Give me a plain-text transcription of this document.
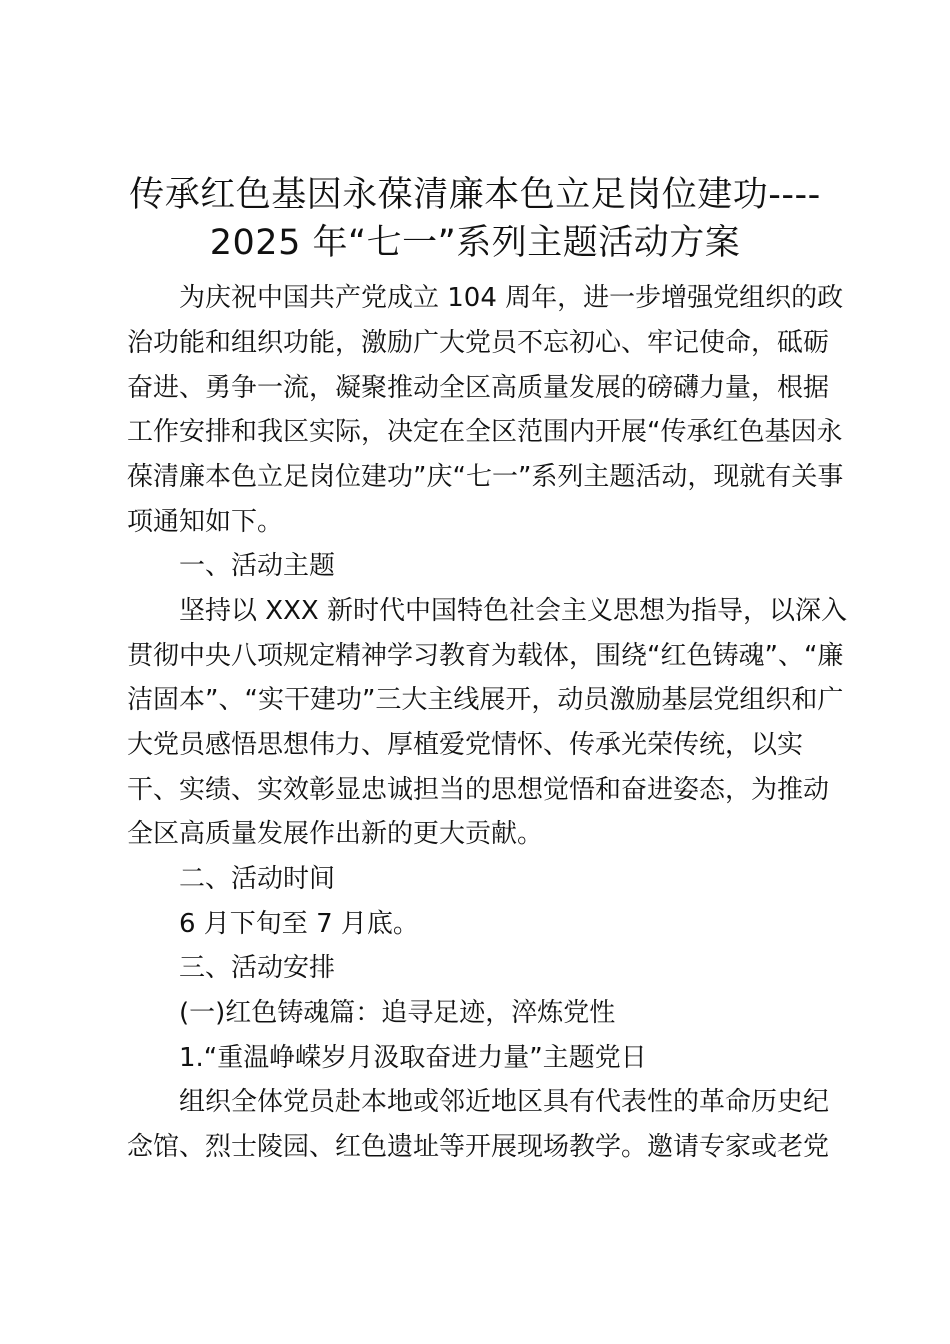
传承红色基因永葆清廉本色立足岗位建功----
2025 年“七一”系列主题活动方案
为庆祝中国共产党成立 104 周年，进一步增强党组织的政
治功能和组织功能，激励广大党员不忘初心、牢记使命，砥砺
奋进、勇争一流，凝聚推动全区高质量发展的磅礴力量，根据
工作安排和我区实际，决定在全区范围内开展“传承红色基因永
葆清廉本色立足岗位建功”庆“七一”系列主题活动，现就有关事
项通知如下。
一、活动主题
坚持以 XXX 新时代中国特色社会主义思想为指导，以深入
贯彻中央八项规定精神学习教育为载体，围绕“红色铸魂”、“廉
洁固本”、“实干建功”三大主线展开，动员激励基层党组织和广
大党员感悟思想伟力、厚植爱党情怀、传承光荣传统，以实
干、实绩、实效彰显忠诚担当的思想觉悟和奋进姿态，为推动
全区高质量发展作出新的更大贡献。
二、活动时间
6 月下旬至 7 月底。
三、活动安排
(一)红色铸魂篇：追寻足迹，淬炼党性
1.“重温峥嵘岁月汲取奋进力量”主题党日
组织全体党员赴本地或邻近地区具有代表性的革命历史纪
念馆、烈士陵园、红色遗址等开展现场教学。邀请专家或老党
